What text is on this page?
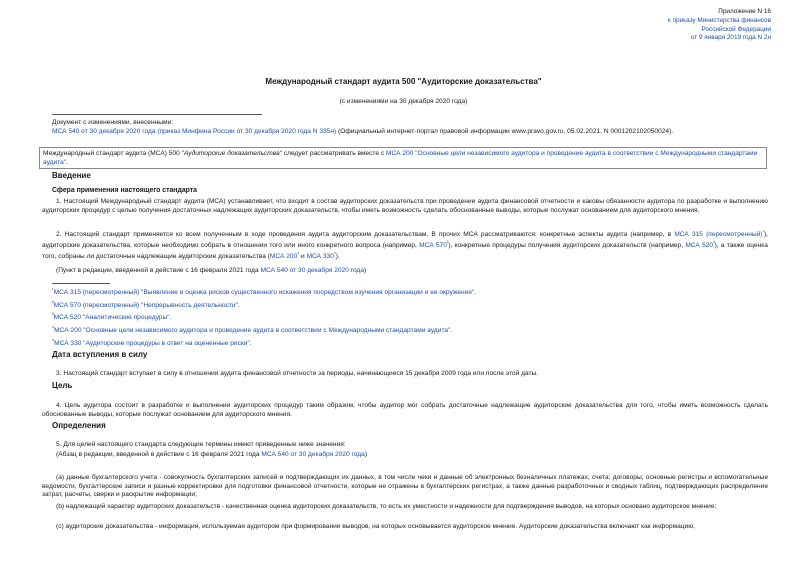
Приложение N 16
к приказу Министерства финансов
Российской Федерации
от 9 января 2019 года N 2н
Международный стандарт аудита 500 "Аудиторские доказательства"
(с изменениями на 30 декабря 2020 года)
Документ с изменениями, внесенными:
МСА 540 от 30 декабря 2020 года (приказ Минфина России от 30 декабря 2020 года N 335н) (Официальный интернет-портал правовой информации www.pravo.gov.ru, 05.02.2021, N 0001202102050024).
Международный стандарт аудита (МСА) 500 "Аудиторские доказательства" следует рассматривать вместе с МСА 200 "Основные цели независимого аудитора и проведение аудита в соответствии с Международными стандартами аудита".
Введение
Сфера применения настоящего стандарта
1. Настоящий Международный стандарт аудита (МСА) устанавливает, что входит в состав аудиторских доказательств при проведении аудита финансовой отчетности и каковы обязанности аудитора по разработке и выполнению аудиторских процедур с целью получения достаточных надлежащих аудиторских доказательств, чтобы иметь возможность сделать обоснованные выводы, которые послужат основанием для аудиторского мнения.
2. Настоящий стандарт применяется ко всем полученным в ходе проведения аудита аудиторским доказательствам. В прочих МСА рассматриваются: конкретные аспекты аудита (например, в МСА 315 (пересмотренный)$^{^1}$), аудиторские доказательства, которые необходимо собрать в отношении того или иного конкретного вопроса (например, МСА $570^{^2}$), конкретные процедуры получения аудиторских доказательств (например, МСА $520^{^3}$), а также оценка того, собраны ли достаточные надлежащие аудиторские доказательства (МСА $200^{^4}$ и МСА $330^{^5}$).
(Пункт в редакции, введенной в действие с 16 февраля 2021 года МСА 540 от 30 декабря 2020 года)
$^{^1}$МСА 315 (пересмотренный) "Выявление и оценка рисков существенного искажения посредством изучения организации и ее окружения".
$^{^2}$МСА 570 (пересмотренный) "Непрерывность деятельности".
$^{^3}$МСА 520 "Аналитические процедуры".
$^{^4}$МСА 200 "Основные цели независимого аудитора и проведение аудита в соответствии с Международными стандартами аудита".
$^{^5}$МСА 330 "Аудиторские процедуры в ответ на оцененные риски".
Дата вступления в силу
3. Настоящий стандарт вступает в силу в отношении аудита финансовой отчетности за периоды, начинающиеся 15 декабря 2009 года или после этой даты.
Цель
4. Цель аудитора состоит в разработке и выполнении аудиторских процедур таким образом, чтобы аудитор мог собрать достаточные надлежащие аудиторские доказательства для того, чтобы иметь возможность сделать обоснованные выводы, которые послужат основанием для аудиторского мнения.
Определения
5. Для целей настоящего стандарта следующие термины имеют приведенные ниже значения:
(Абзац в редакции, введенной в действие с 16 февраля 2021 года МСА 540 от 30 декабря 2020 года)
(a) данные бухгалтерского учета - совокупность бухгалтерских записей и подтверждающих их данных, в том числе чеки и данные об электронных безналичных платежах; счета; договоры; основные регистры и вспомогательные ведомости, бухгалтерские записи и разные корректировки для подготовки финансовой отчетности, которые не отражены в бухгалтерских регистрах, а также данные разработочных и сводных таблиц, подтверждающих распределение затрат, расчеты, сверки и раскрытие информации;
(b) надлежащий характер аудиторских доказательств - качественная оценка аудиторских доказательств, то есть их уместности и надежности для подтверждения выводов, на которых основано аудиторское мнение;
(c) аудиторские доказательства - информация, используемая аудитором при формировании выводов, на которых основывается аудиторское мнение. Аудиторские доказательства включают как информацию,
